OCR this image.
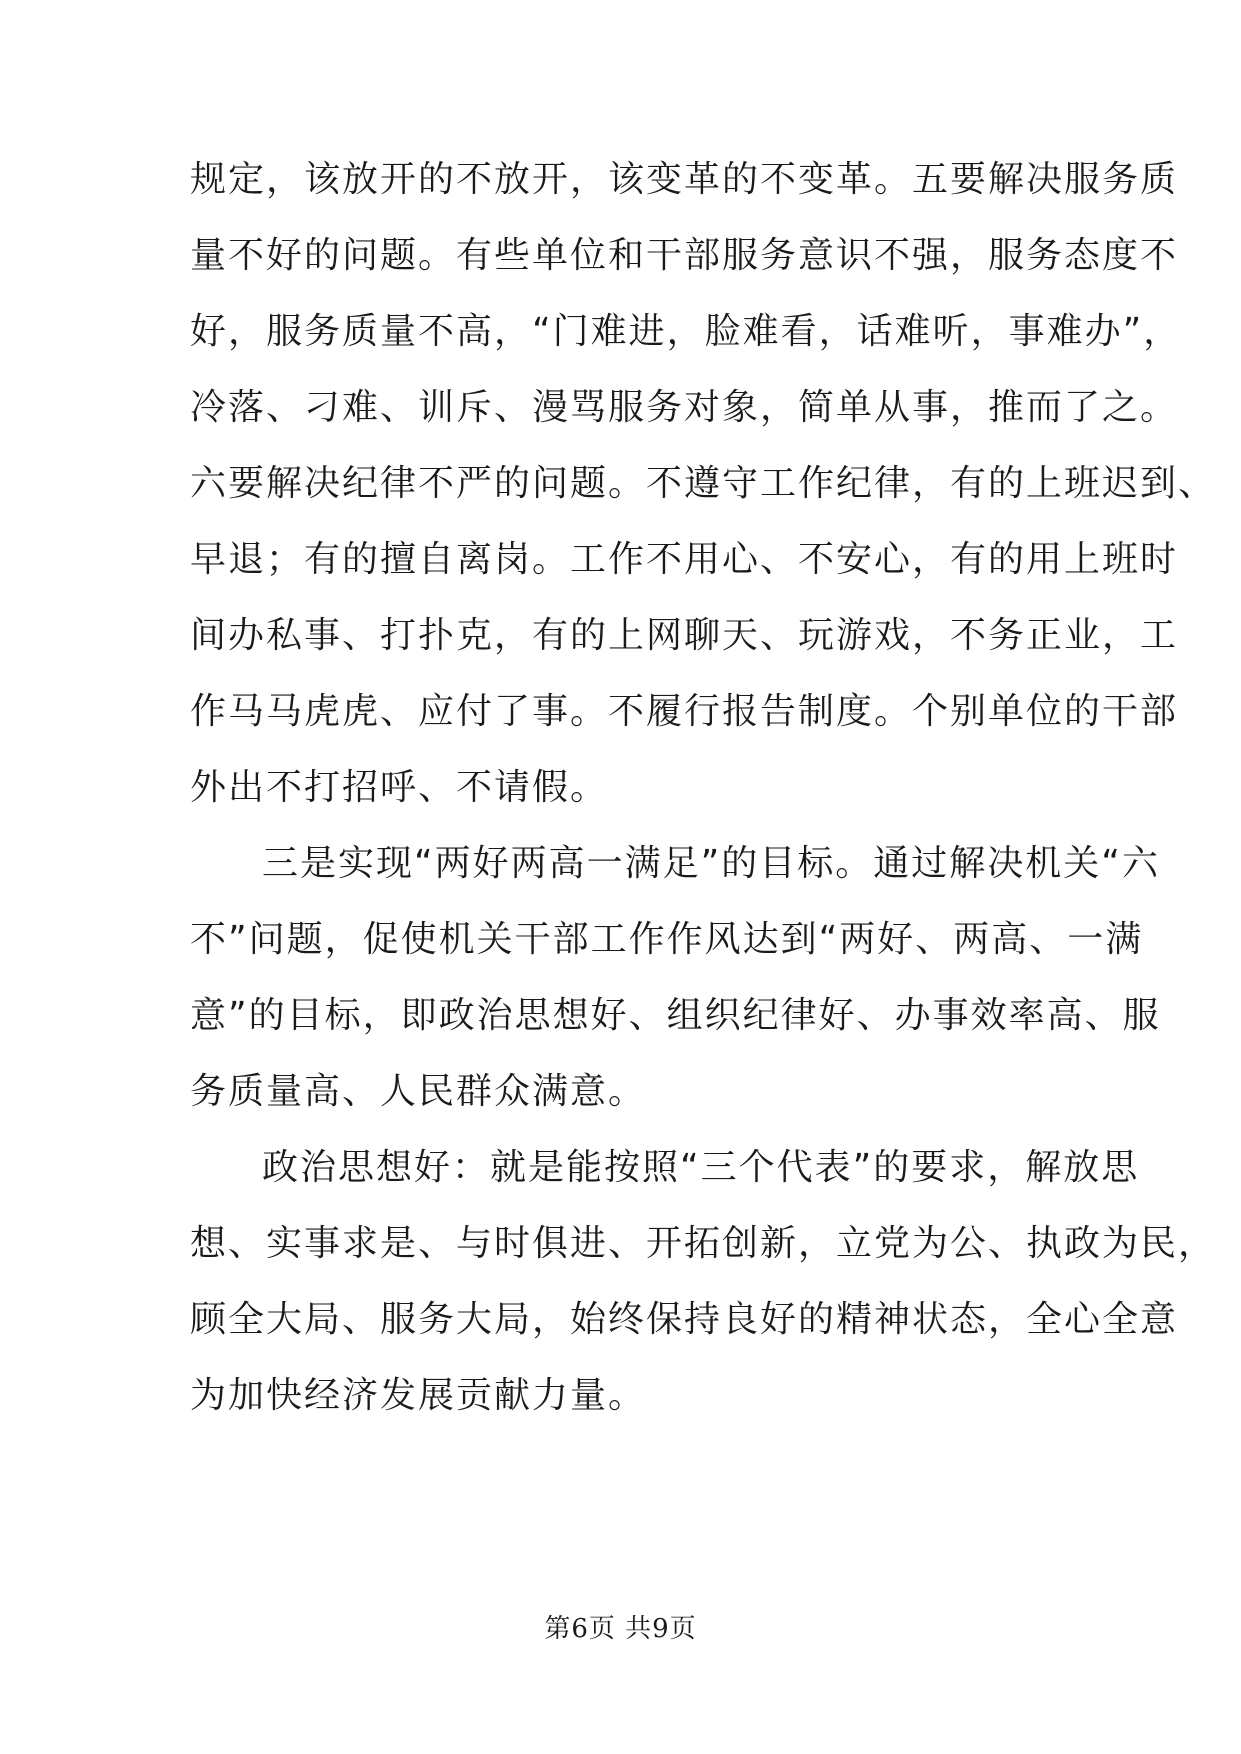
规定，该放开的不放开，该变革的不变革。五要解决服务质
量不好的问题。有些单位和干部服务意识不强，服务态度不
好，服务质量不高，“门难进，脸难看，话难听，事难办”，
冷落、刁难、训斥、漫骂服务对象，简单从事，推而了之。
六要解决纪律不严的问题。不遵守工作纪律，有的上班迟到、
早退；有的擅自离岗。工作不用心、不安心，有的用上班时
间办私事、打扑克，有的上网聊天、玩游戏，不务正业，工
作马马虎虎、应付了事。不履行报告制度。个别单位的干部
外出不打招呼、不请假。
三是实现“两好两高一满足”的目标。通过解决机关“六
不”问题，促使机关干部工作作风达到“两好、两高、一满
意”的目标，即政治思想好、组织纪律好、办事效率高、服
务质量高、人民群众满意。
政治思想好：就是能按照“三个代表”的要求，解放思
想、实事求是、与时俱进、开拓创新，立党为公、执政为民，
顾全大局、服务大局，始终保持良好的精神状态，全心全意
为加快经济发展贡献力量。
第6页 共9页
